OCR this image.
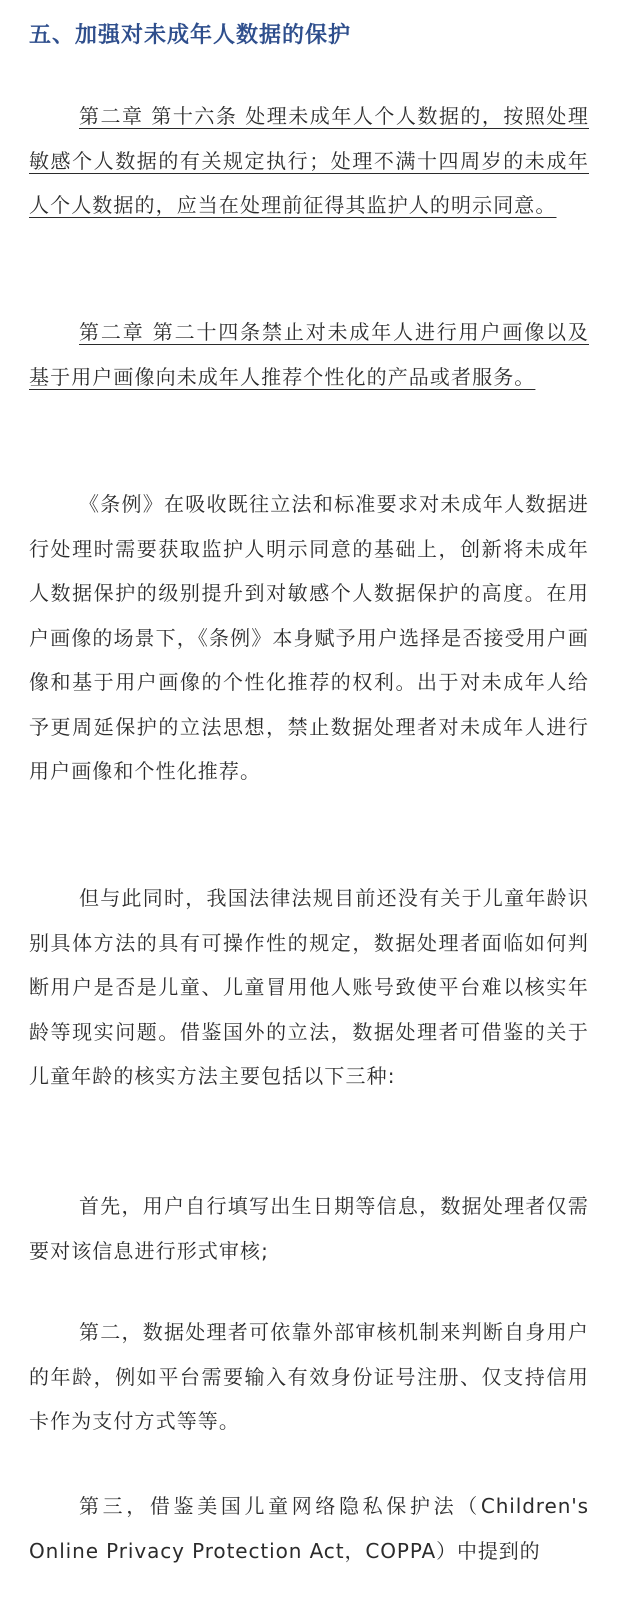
五、加强对未成年人数据的保护

第二章 第十六条 处理未成年人个人数据的，按照处理敏感个人数据的有关规定执行；处理不满十四周岁的未成年人个人数据的，应当在处理前征得其监护人的明示同意。

第二章 第二十四条禁止对未成年人进行用户画像以及基于用户画像向未成年人推荐个性化的产品或者服务。

《条例》在吸收既往立法和标准要求对未成年人数据进行处理时需要获取监护人明示同意的基础上，创新将未成年人数据保护的级别提升到对敏感个人数据保护的高度。在用户画像的场景下，《条例》本身赋予用户选择是否接受用户画像和基于用户画像的个性化推荐的权利。出于对未成年人给予更周延保护的立法思想，禁止数据处理者对未成年人进行用户画像和个性化推荐。

但与此同时，我国法律法规目前还没有关于儿童年龄识别具体方法的具有可操作性的规定，数据处理者面临如何判断用户是否是儿童、儿童冒用他人账号致使平台难以核实年龄等现实问题。借鉴国外的立法，数据处理者可借鉴的关于儿童年龄的核实方法主要包括以下三种:

首先，用户自行填写出生日期等信息，数据处理者仅需要对该信息进行形式审核;

第二，数据处理者可依靠外部审核机制来判断自身用户的年龄，例如平台需要输入有效身份证号注册、仅支持信用卡作为支付方式等等。

第三，借鉴美国儿童网络隐私保护法（Children's Online Privacy Protection Act，COPPA）中提到的
